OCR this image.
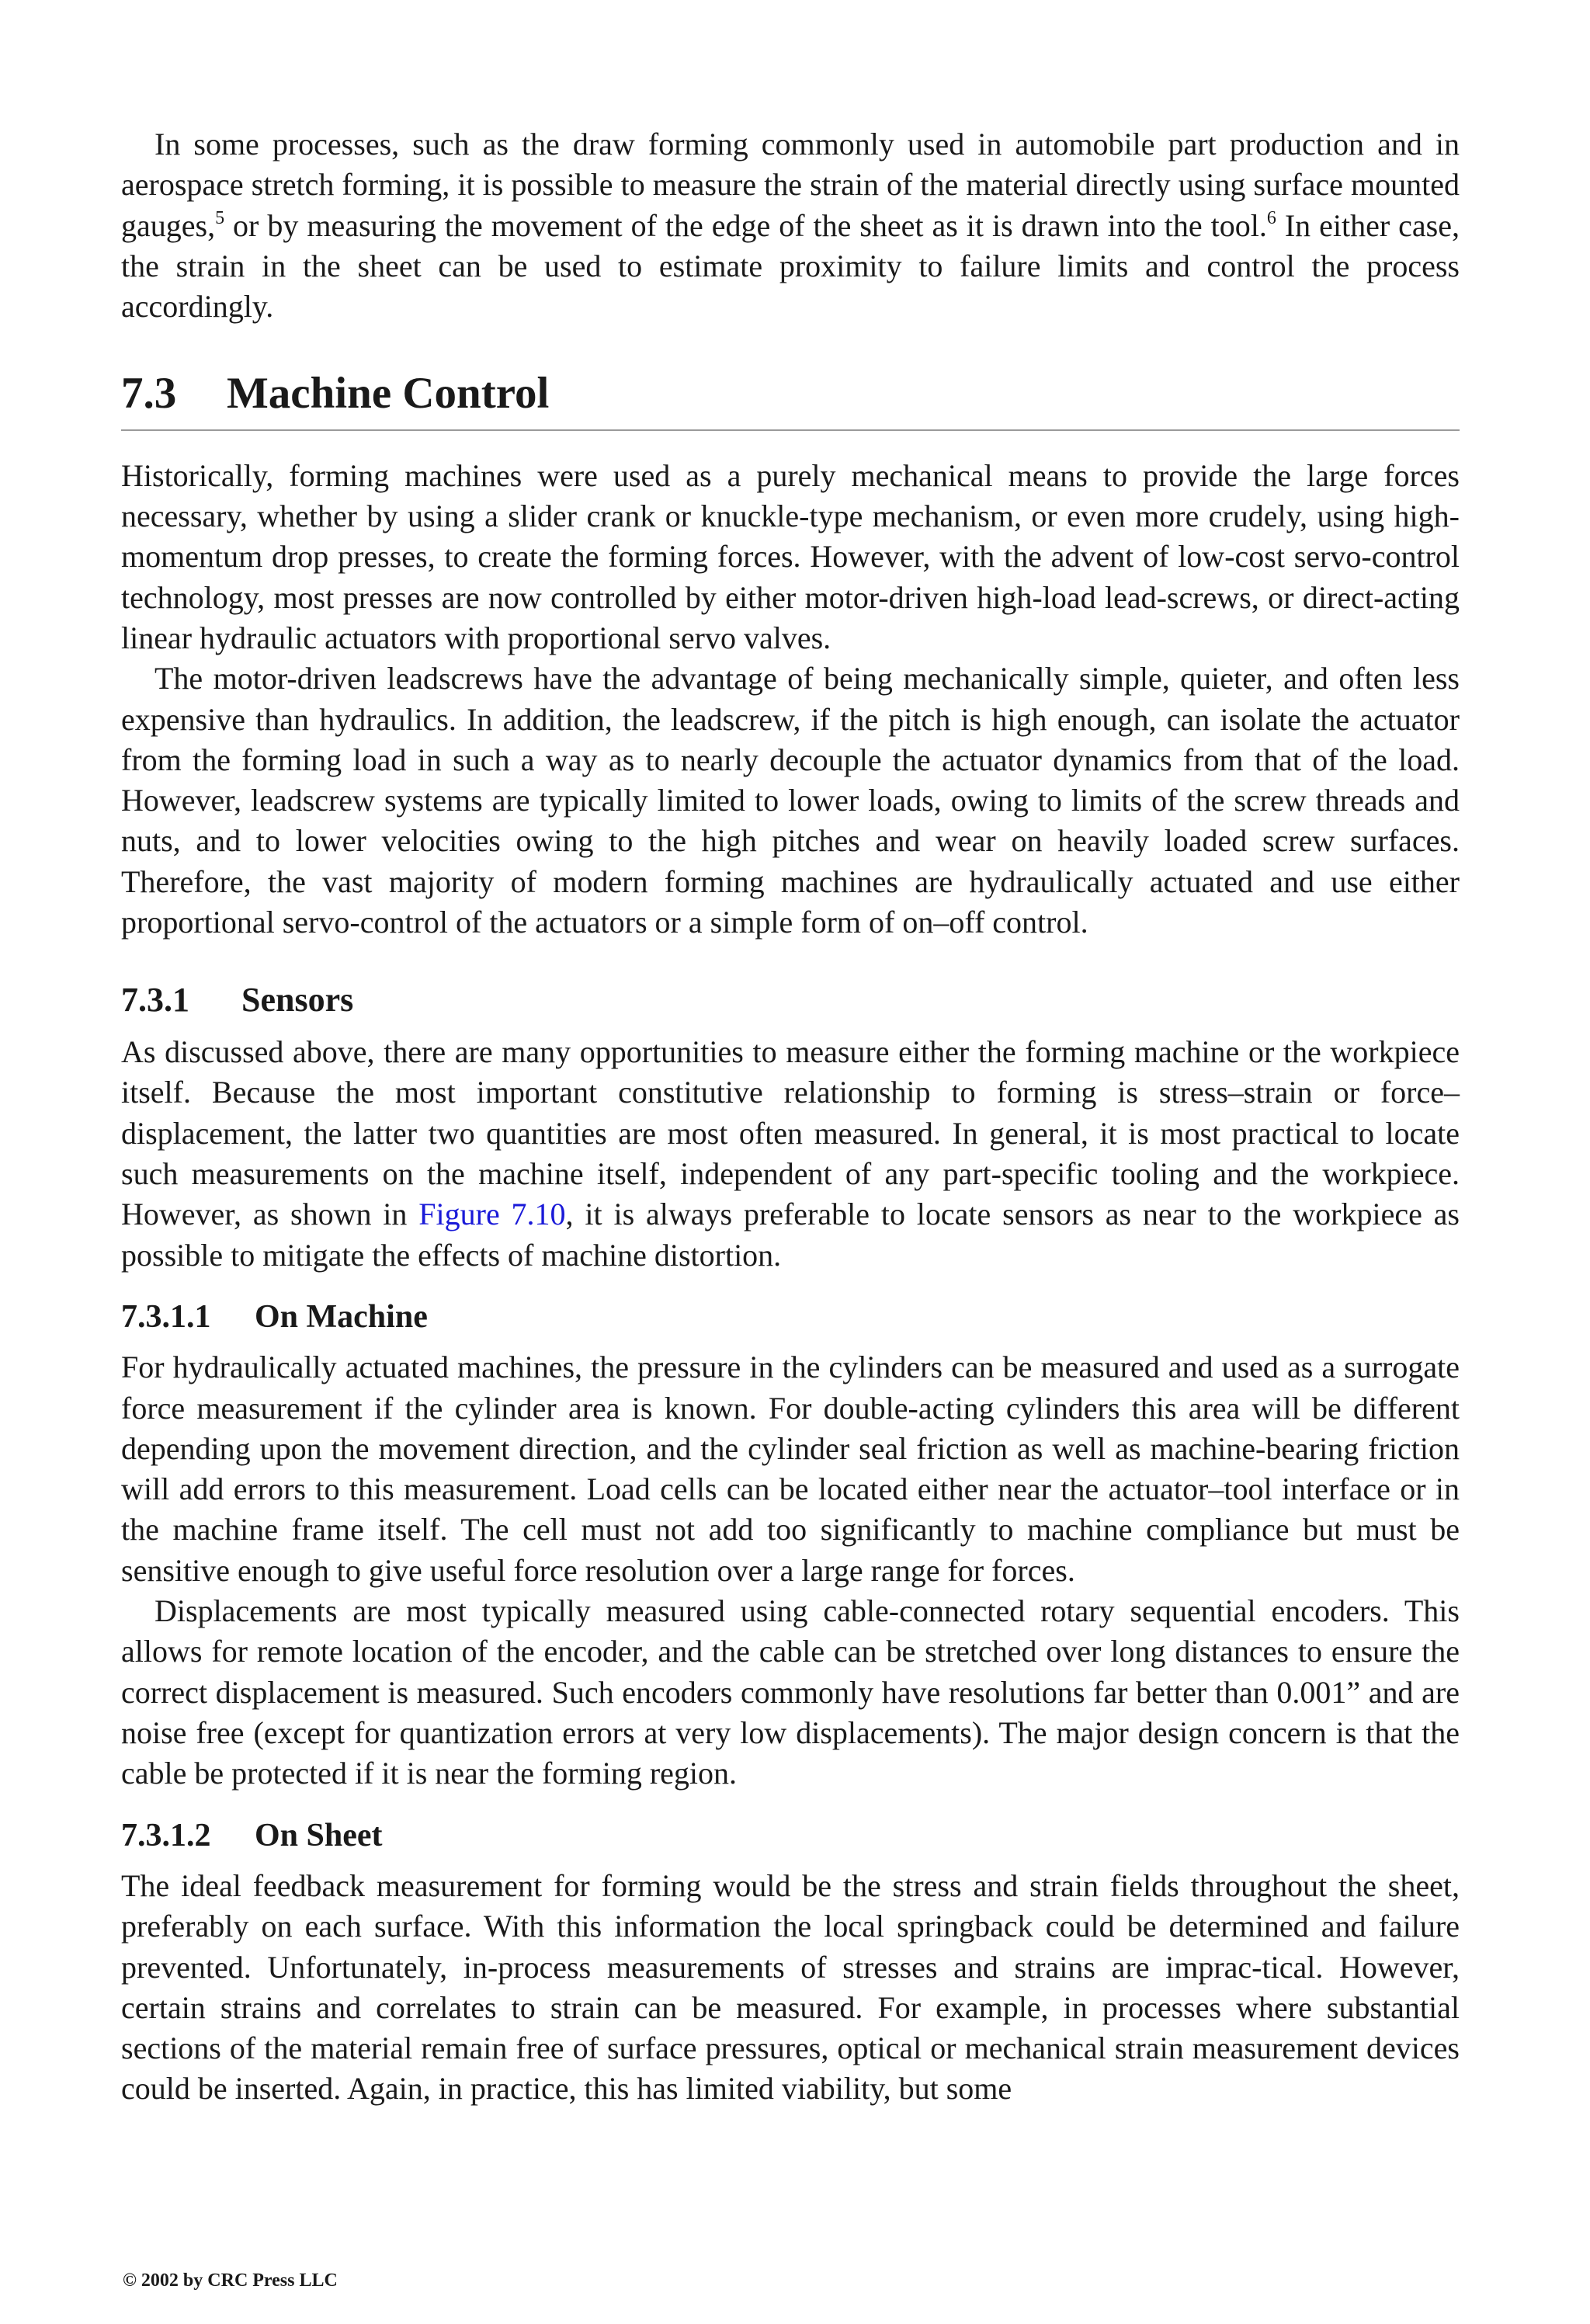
In some processes, such as the draw forming commonly used in automobile part production and in aerospace stretch forming, it is possible to measure the strain of the material directly using surface mounted gauges,$^5$ or by measuring the movement of the edge of the sheet as it is drawn into the tool.$^6$ In either case, the strain in the sheet can be used to estimate proximity to failure limits and control the process accordingly.

7.3 Machine Control

Historically, forming machines were used as a purely mechanical means to provide the large forces necessary, whether by using a slider crank or knuckle-type mechanism, or even more crudely, using high-momentum drop presses, to create the forming forces. However, with the advent of low-cost servo-control technology, most presses are now controlled by either motor-driven high-load lead-screws, or direct-acting linear hydraulic actuators with proportional servo valves.

The motor-driven leadscrews have the advantage of being mechanically simple, quieter, and often less expensive than hydraulics. In addition, the leadscrew, if the pitch is high enough, can isolate the actuator from the forming load in such a way as to nearly decouple the actuator dynamics from that of the load. However, leadscrew systems are typically limited to lower loads, owing to limits of the screw threads and nuts, and to lower velocities owing to the high pitches and wear on heavily loaded screw surfaces. Therefore, the vast majority of modern forming machines are hydraulically actuated and use either proportional servo-control of the actuators or a simple form of on–off control.

7.3.1 Sensors

As discussed above, there are many opportunities to measure either the forming machine or the workpiece itself. Because the most important constitutive relationship to forming is stress–strain or force–displacement, the latter two quantities are most often measured. In general, it is most practical to locate such measurements on the machine itself, independent of any part-specific tooling and the workpiece. However, as shown in Figure 7.10, it is always preferable to locate sensors as near to the workpiece as possible to mitigate the effects of machine distortion.

7.3.1.1 On Machine

For hydraulically actuated machines, the pressure in the cylinders can be measured and used as a surrogate force measurement if the cylinder area is known. For double-acting cylinders this area will be different depending upon the movement direction, and the cylinder seal friction as well as machine-bearing friction will add errors to this measurement. Load cells can be located either near the actuator–tool interface or in the machine frame itself. The cell must not add too significantly to machine compliance but must be sensitive enough to give useful force resolution over a large range for forces.

Displacements are most typically measured using cable-connected rotary sequential encoders. This allows for remote location of the encoder, and the cable can be stretched over long distances to ensure the correct displacement is measured. Such encoders commonly have resolutions far better than 0.001” and are noise free (except for quantization errors at very low displacements). The major design concern is that the cable be protected if it is near the forming region.

7.3.1.2 On Sheet

The ideal feedback measurement for forming would be the stress and strain fields throughout the sheet, preferably on each surface. With this information the local springback could be determined and failure prevented. Unfortunately, in-process measurements of stresses and strains are imprac-tical. However, certain strains and correlates to strain can be measured. For example, in processes where substantial sections of the material remain free of surface pressures, optical or mechanical strain measurement devices could be inserted. Again, in practice, this has limited viability, but some

© 2002 by CRC Press LLC
